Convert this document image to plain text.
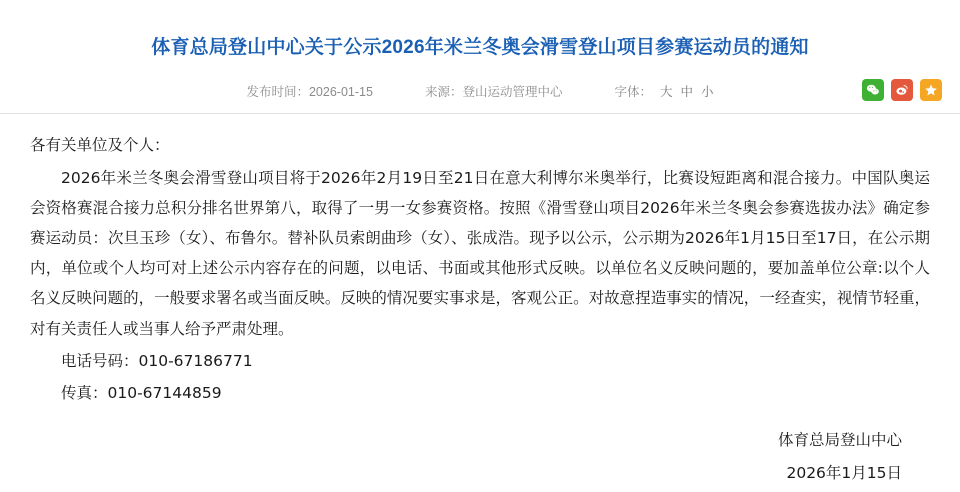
体育总局登山中心关于公示2026年米兰冬奥会滑雪登山项目参赛运动员的通知
发布时间：2026-01-15	来源：登山运动管理中心	字体： 大 中 小

各有关单位及个人：

2026年米兰冬奥会滑雪登山项目将于2026年2月19日至21日在意大利博尔米奥举行，比赛设短距离和混合接力。中国队奥运会资格赛混合接力总积分排名世界第八，取得了一男一女参赛资格。按照《滑雪登山项目2026年米兰冬奥会参赛选拔办法》确定参赛运动员：次旦玉珍（女）、布鲁尔。替补队员索朗曲珍（女）、张成浩。现予以公示，公示期为2026年1月15日至17日，在公示期内，单位或个人均可对上述公示内容存在的问题，以电话、书面或其他形式反映。以单位名义反映问题的，要加盖单位公章:以个人名义反映问题的，一般要求署名或当面反映。反映的情况要实事求是，客观公正。对故意捏造事实的情况，一经查实，视情节轻重，对有关责任人或当事人给予严肃处理。

电话号码：010-67186771

传真：010-67144859

体育总局登山中心
2026年1月15日
